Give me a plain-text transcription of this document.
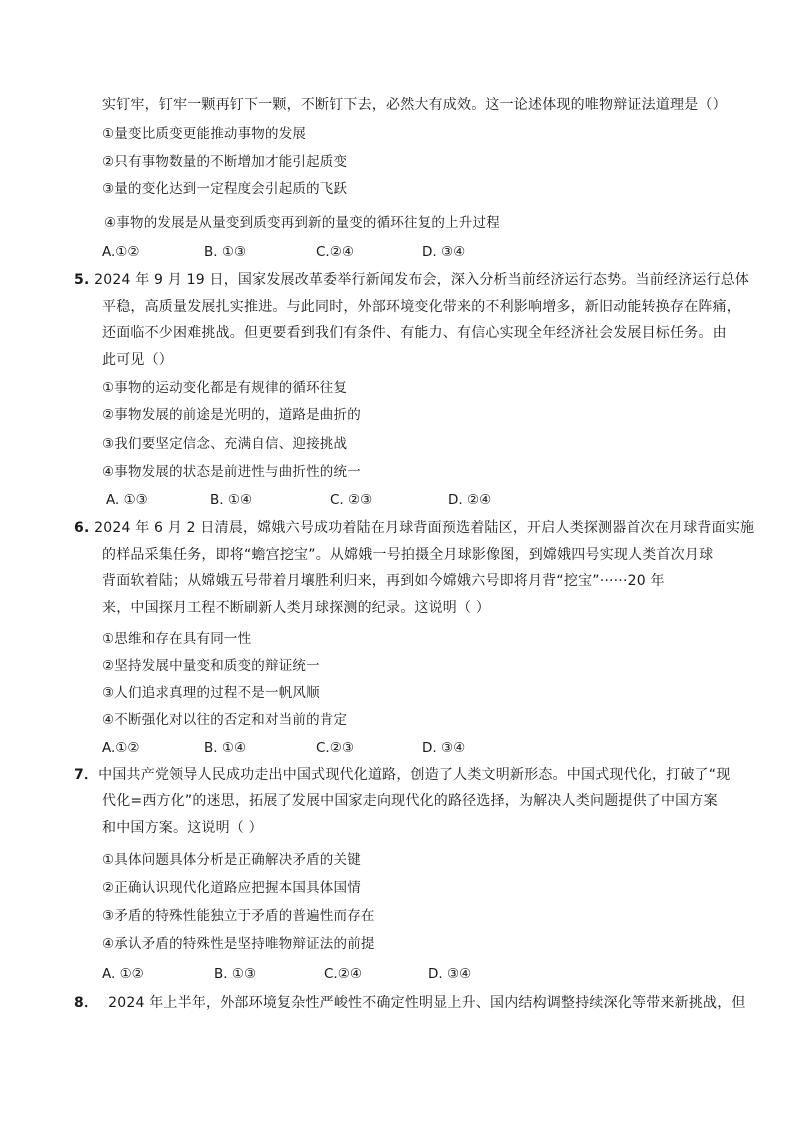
实钉牢，钉牢一颗再钉下一颗，不断钉下去，必然大有成效。这一论述体现的唯物辩证法道理是（）
①量变比质变更能推动事物的发展
②只有事物数量的不断增加才能引起质变
③量的变化达到一定程度会引起质的飞跃
④事物的发展是从量变到质变再到新的量变的循环往复的上升过程
A.①②	B. ①③	C.②④	D. ③④
5. 2024 年 9 月 19 日，国家发展改革委举行新闻发布会，深入分析当前经济运行态势。当前经济运行总体
平稳，高质量发展扎实推进。与此同时，外部环境变化带来的不利影响增多，新旧动能转换存在阵痛，
还面临不少困难挑战。但更要看到我们有条件、有能力、有信心实现全年经济社会发展目标任务。由
此可见（）
①事物的运动变化都是有规律的循环往复
②事物发展的前途是光明的，道路是曲折的
③我们要坚定信念、充满自信、迎接挑战
④事物发展的状态是前进性与曲折性的统一
A. ①③	B. ①④	C. ②③	D. ②④
6. 2024 年 6 月 2 日清晨，嫦娥六号成功着陆在月球背面预选着陆区，开启人类探测器首次在月球背面实施
的样品采集任务，即将“蟾宫挖宝”。从嫦娥一号拍摄全月球影像图，到嫦娥四号实现人类首次月球
背面软着陆；从嫦娥五号带着月壤胜利归来，再到如今嫦娥六号即将月背“挖宝”······20 年
来，中国探月工程不断刷新人类月球探测的纪录。这说明（ ）
①思维和存在具有同一性
②坚持发展中量变和质变的辩证统一
③人们追求真理的过程不是一帆风顺
④不断强化对以往的否定和对当前的肯定
A.①②	B. ①④	C.②③	D. ③④
7．中国共产党领导人民成功走出中国式现代化道路，创造了人类文明新形态。中国式现代化，打破了“现
代化=西方化”的迷思，拓展了发展中国家走向现代化的路径选择，为解决人类问题提供了中国方案
和中国方案。这说明（ ）
①具体问题具体分析是正确解决矛盾的关键
②正确认识现代化道路应把握本国具体国情
③矛盾的特殊性能独立于矛盾的普遍性而存在
④承认矛盾的特殊性是坚持唯物辩证法的前提
A. ①②	B. ①③	C.②④	D. ③④
8． 2024 年上半年，外部环境复杂性严峻性不确定性明显上升、国内结构调整持续深化等带来新挑战，但
